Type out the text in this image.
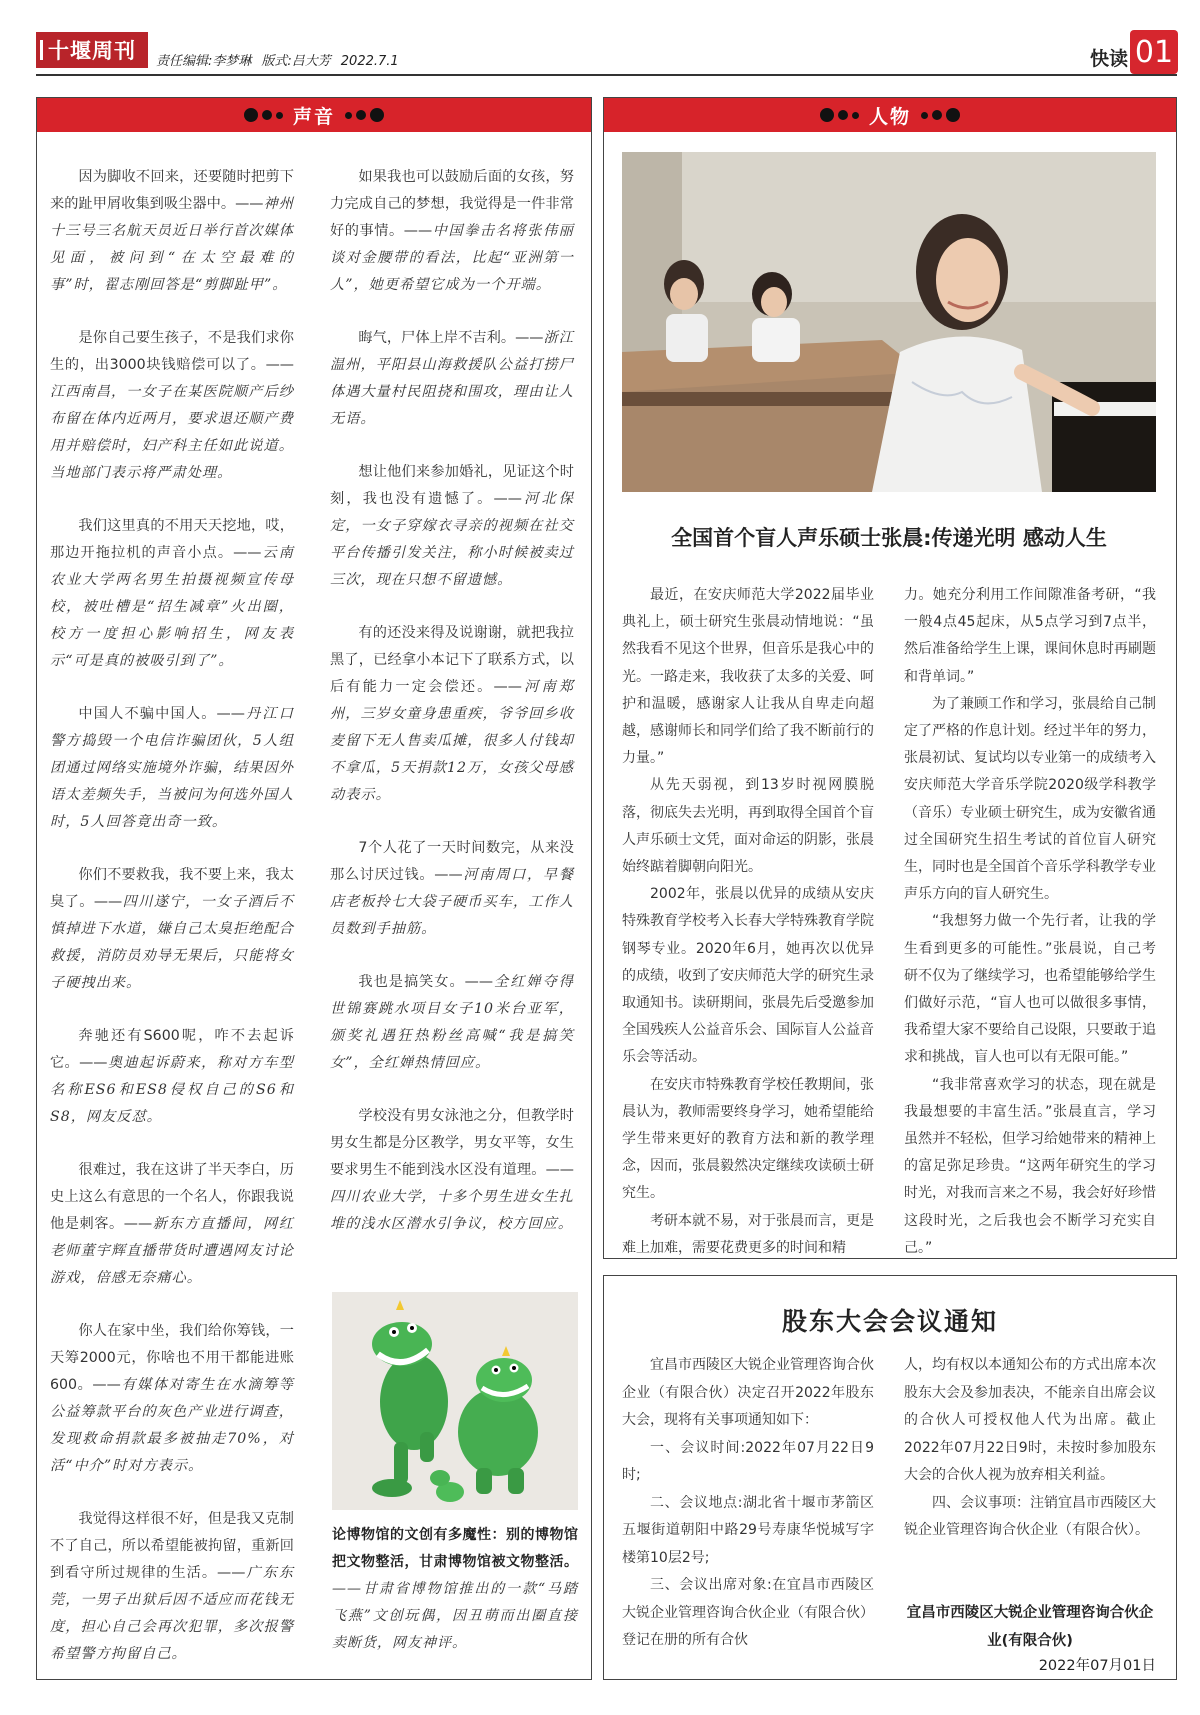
十堰周刊 责任编辑:李梦琳 版式:吕大芳 2022.7.1	快读 01
声音
因为脚收不回来，还要随时把剪下来的趾甲屑收集到吸尘器中。——神州十三号三名航天员近日举行首次媒体见面，被问到“在太空最难的事”时，翟志刚回答是“剪脚趾甲”。
是你自己要生孩子，不是我们求你生的，出3000块钱赔偿可以了。——江西南昌，一女子在某医院顺产后纱布留在体内近两月，要求退还顺产费用并赔偿时，妇产科主任如此说道。当地部门表示将严肃处理。
我们这里真的不用天天挖地，哎，那边开拖拉机的声音小点。——云南农业大学两名男生拍摄视频宣传母校，被吐槽是“招生减章”火出圈，校方一度担心影响招生，网友表示“可是真的被吸引到了”。
中国人不骗中国人。——丹江口警方捣毁一个电信诈骗团伙，5人组团通过网络实施境外诈骗，结果因外语太差频失手，当被问为何选外国人时，5人回答竟出奇一致。
你们不要救我，我不要上来，我太臭了。——四川遂宁，一女子酒后不慎掉进下水道，嫌自己太臭拒绝配合救援，消防员劝导无果后，只能将女子硬拽出来。
奔驰还有S600呢，咋不去起诉它。——奥迪起诉蔚来，称对方车型名称ES6和ES8侵权自己的S6和S8，网友反怼。
很难过，我在这讲了半天李白，历史上这么有意思的一个名人，你跟我说他是刺客。——新东方直播间，网红老师董宇辉直播带货时遭遇网友讨论游戏，倍感无奈痛心。
你人在家中坐，我们给你筹钱，一天筹2000元，你啥也不用干都能进账600。——有媒体对寄生在水滴筹等公益筹款平台的灰色产业进行调查，发现救命捐款最多被抽走70%，对活“中介”时对方表示。
我觉得这样很不好，但是我又克制不了自己，所以希望能被拘留，重新回到看守所过规律的生活。——广东东莞，一男子出狱后因不适应而花钱无度，担心自己会再次犯罪，多次报警希望警方拘留自己。
如果我也可以鼓励后面的女孩，努力完成自己的梦想，我觉得是一件非常好的事情。——中国拳击名将张伟丽谈对金腰带的看法，比起“亚洲第一人”，她更希望它成为一个开端。
晦气，尸体上岸不吉利。——浙江温州，平阳县山海救援队公益打捞尸体遇大量村民阻挠和围攻，理由让人无语。
想让他们来参加婚礼，见证这个时刻，我也没有遗憾了。——河北保定，一女子穿嫁衣寻亲的视频在社交平台传播引发关注，称小时候被卖过三次，现在只想不留遗憾。
有的还没来得及说谢谢，就把我拉黑了，已经拿小本记下了联系方式，以后有能力一定会偿还。——河南郑州，三岁女童身患重疾，爷爷回乡收麦留下无人售卖瓜摊，很多人付钱却不拿瓜，5天捐款12万，女孩父母感动表示。
7个人花了一天时间数完，从来没那么讨厌过钱。——河南周口，早餐店老板拎七大袋子硬币买车，工作人员数到手抽筋。
我也是搞笑女。——全红婵夺得世锦赛跳水项目女子10米台亚军，颁奖礼遇狂热粉丝高喊“我是搞笑女”，全红婵热情回应。
学校没有男女泳池之分，但教学时男女生都是分区教学，男女平等，女生要求男生不能到浅水区没有道理。——四川农业大学，十多个男生进女生扎堆的浅水区潜水引争议，校方回应。
论博物馆的文创有多魔性：别的博物馆把文物整活，甘肃博物馆被文物整活。——甘肃省博物馆推出的一款“马踏飞燕”文创玩偶，因丑萌而出圈直接卖断货，网友神评。
人物
全国首个盲人声乐硕士张晨:传递光明 感动人生

最近，在安庆师范大学2022届毕业典礼上，硕士研究生张晨动情地说：“虽然我看不见这个世界，但音乐是我心中的光。一路走来，我收获了太多的关爱、呵护和温暖，感谢家人让我从自卑走向超越，感谢师长和同学们给了我不断前行的力量。”

从先天弱视，到13岁时视网膜脱落，彻底失去光明，再到取得全国首个盲人声乐硕士文凭，面对命运的阴影，张晨始终踮着脚朝向阳光。

2002年，张晨以优异的成绩从安庆特殊教育学校考入长春大学特殊教育学院钢琴专业。2020年6月，她再次以优异的成绩，收到了安庆师范大学的研究生录取通知书。读研期间，张晨先后受邀参加全国残疾人公益音乐会、国际盲人公益音乐会等活动。

在安庆市特殊教育学校任教期间，张晨认为，教师需要终身学习，她希望能给学生带来更好的教育方法和新的教学理念，因而，张晨毅然决定继续攻读硕士研究生。

考研本就不易，对于张晨而言，更是难上加难，需要花费更多的时间和精

力。她充分利用工作间隙准备考研，“我一般4点45起床，从5点学习到7点半，然后准备给学生上课，课间休息时再刷题和背单词。”

为了兼顾工作和学习，张晨给自己制定了严格的作息计划。经过半年的努力，张晨初试、复试均以专业第一的成绩考入安庆师范大学音乐学院2020级学科教学（音乐）专业硕士研究生，成为安徽省通过全国研究生招生考试的首位盲人研究生，同时也是全国首个音乐学科教学专业声乐方向的盲人研究生。

“我想努力做一个先行者，让我的学生看到更多的可能性。”张晨说，自己考研不仅为了继续学习，也希望能够给学生们做好示范，“盲人也可以做很多事情，我希望大家不要给自己设限，只要敢于追求和挑战，盲人也可以有无限可能。”

“我非常喜欢学习的状态，现在就是我最想要的丰富生活。”张晨直言，学习虽然并不轻松，但学习给她带来的精神上的富足弥足珍贵。“这两年研究生的学习时光，对我而言来之不易，我会好好珍惜这段时光，之后我也会不断学习充实自己。”

股东大会会议通知

宜昌市西陵区大锐企业管理咨询合伙企业（有限合伙）决定召开2022年股东大会，现将有关事项通知如下：

一、会议时间:2022年07月22日9时;

二、会议地点:湖北省十堰市茅箭区五堰街道朝阳中路29号寿康华悦城写字楼第10层2号;

三、会议出席对象:在宜昌市西陵区大锐企业管理咨询合伙企业（有限合伙）登记在册的所有合伙

人，均有权以本通知公布的方式出席本次股东大会及参加表决，不能亲自出席会议的合伙人可授权他人代为出席。截止2022年07月22日9时，未按时参加股东大会的合伙人视为放弃相关利益。

四、会议事项：注销宜昌市西陵区大锐企业管理咨询合伙企业（有限合伙）。

宜昌市西陵区大锐企业管理咨询合伙企业(有限合伙)
2022年07月01日
